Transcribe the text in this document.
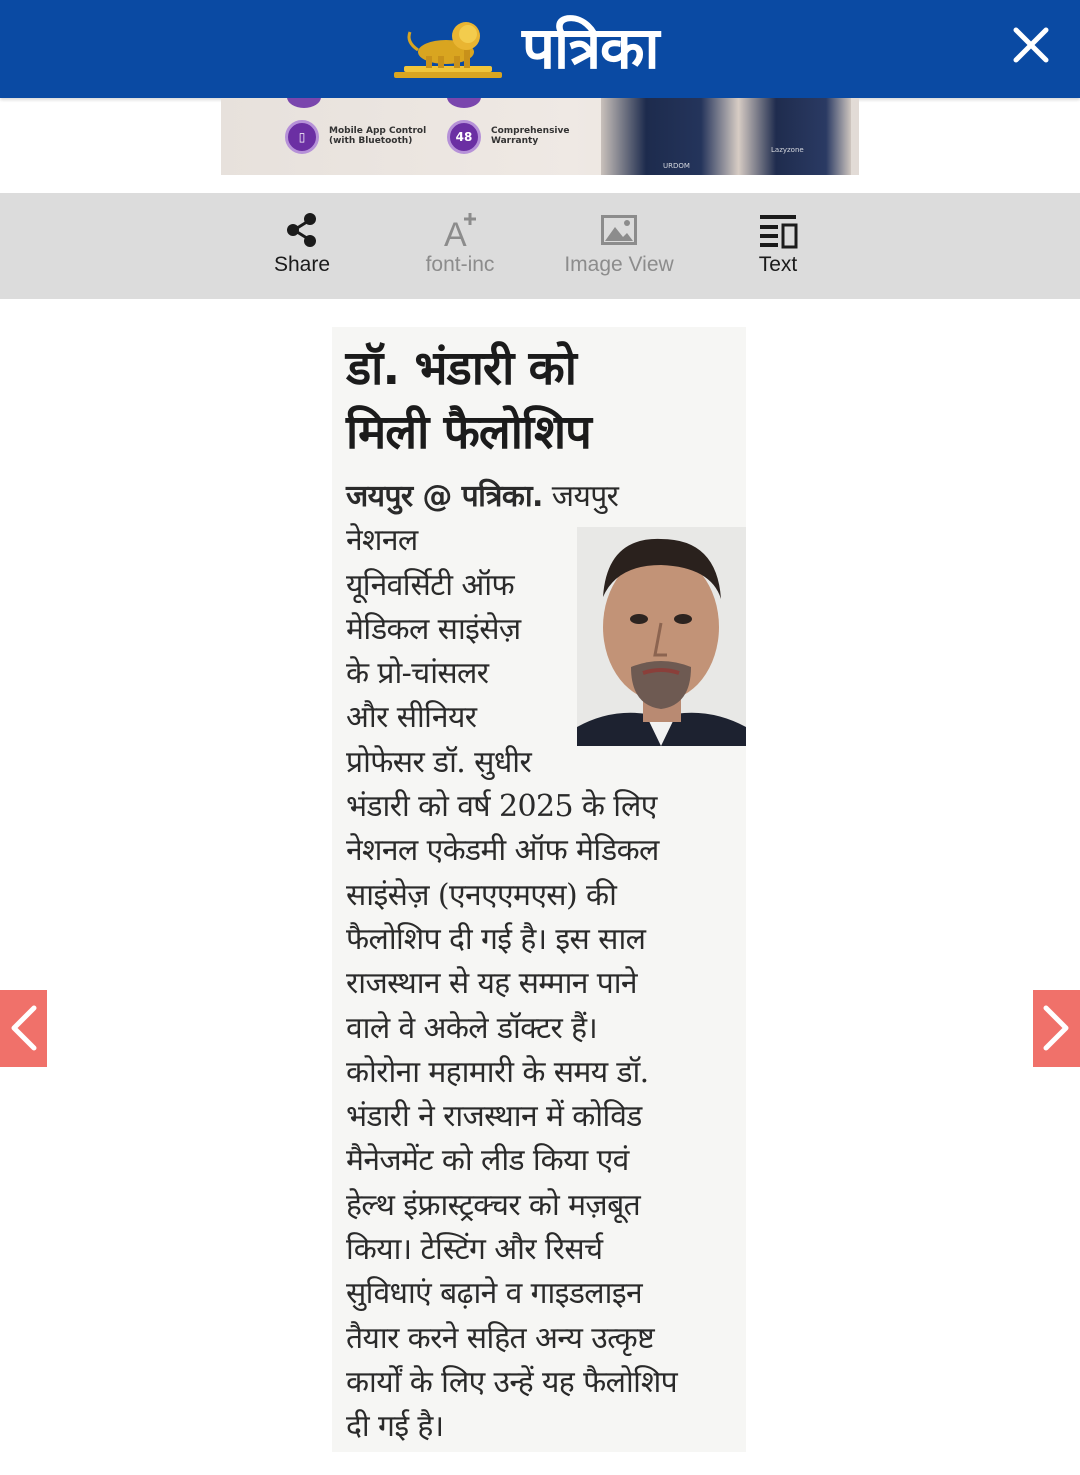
पत्रिका
▯	Mobile App Control (with Bluetooth)	48	Comprehensive Warranty
URDOM
Lazyzone
Share
A
font-inc	Image View	Text
डॉ. भंडारी को
मिली फैलोशिप
जयपुर @ पत्रिका. जयपुर
नेशनल
यूनिवर्सिटी ऑफ
मेडिकल साइंसेज़
के प्रो-चांसलर
और सीनियर
प्रोफेसर डॉ. सुधीर
भंडारी को वर्ष 2025 के लिए
नेशनल एकेडमी ऑफ मेडिकल
साइंसेज़ (एनएएमएस) की
फैलोशिप दी गई है। इस साल
राजस्थान से यह सम्मान पाने
वाले वे अकेले डॉक्टर हैं।
कोरोना महामारी के समय डॉ.
भंडारी ने राजस्थान में कोविड
मैनेजमेंट को लीड किया एवं
हेल्थ इंफ्रास्ट्रक्चर को मज़बूत
किया। टेस्टिंग और रिसर्च
सुविधाएं बढ़ाने व गाइडलाइन
तैयार करने सहित अन्य उत्कृष्ट
कार्यों के लिए उन्हें यह फैलोशिप
दी गई है।
